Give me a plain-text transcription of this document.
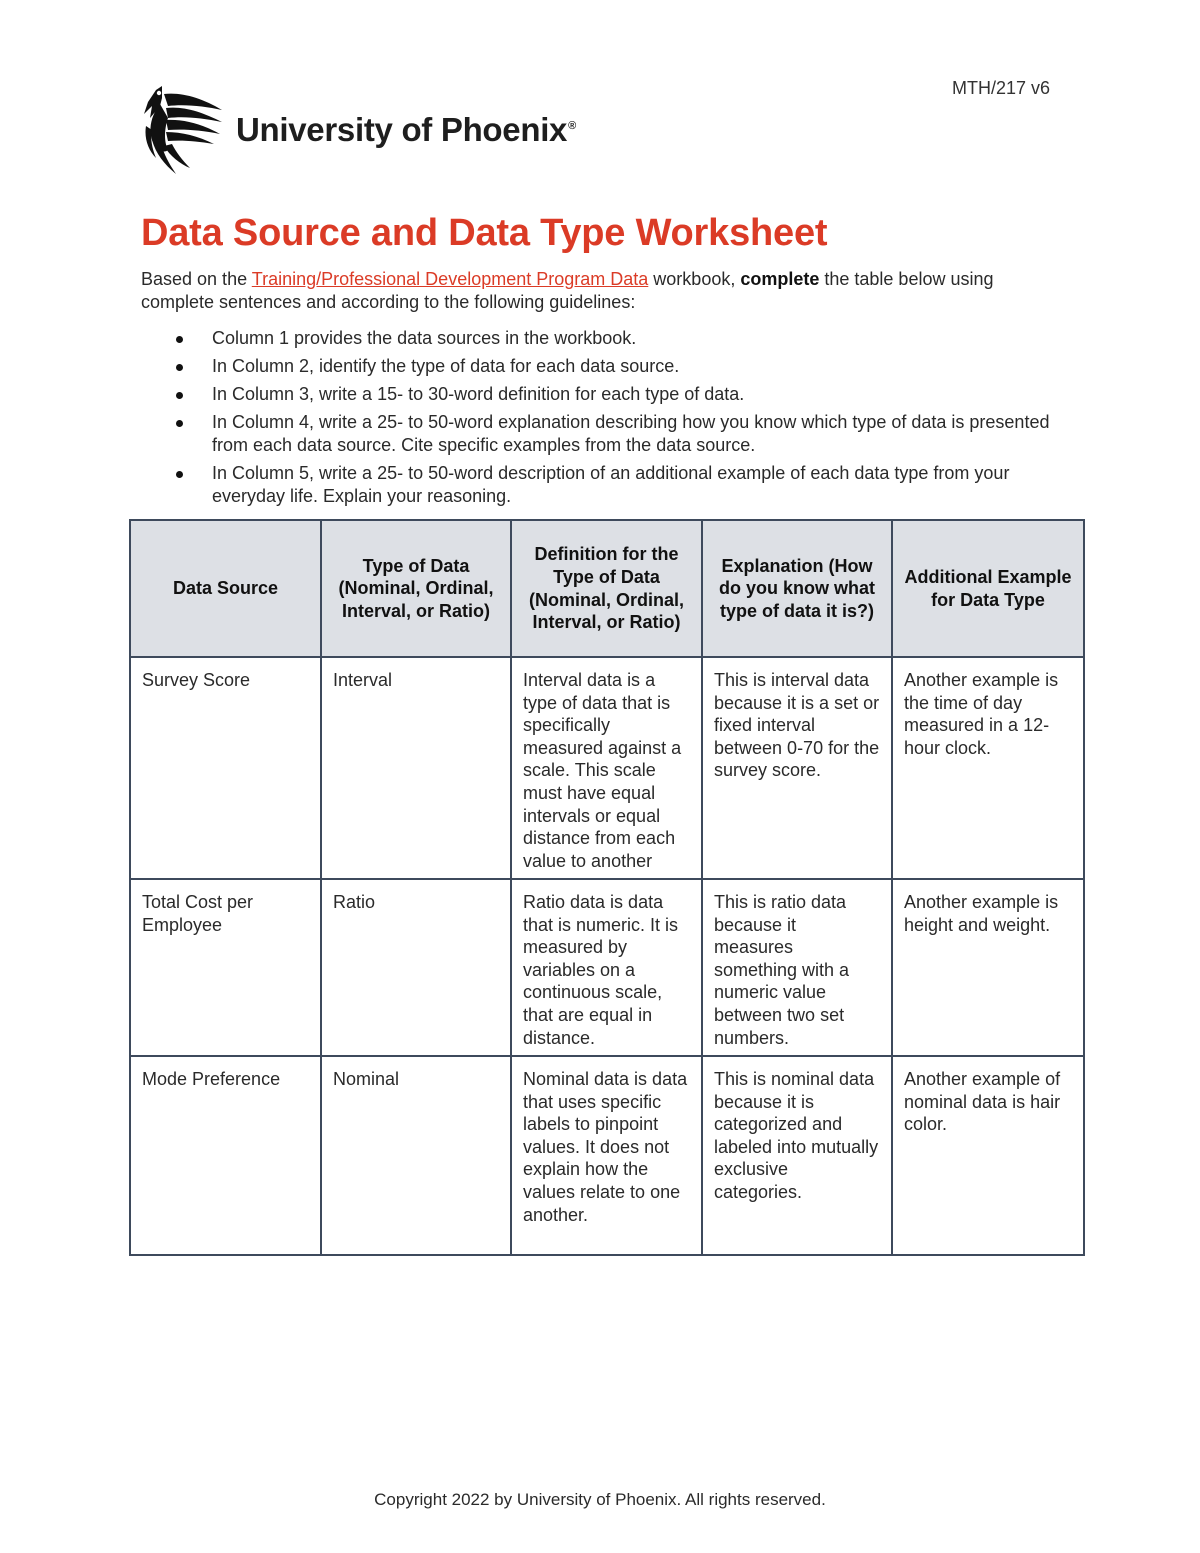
MTH/217 v6
University of Phoenix®
Data Source and Data Type Worksheet
Based on the Training/Professional Development Program Data workbook, complete the table below using complete sentences and according to the following guidelines:
Column 1 provides the data sources in the workbook.
In Column 2, identify the type of data for each data source.
In Column 3, write a 15- to 30-word definition for each type of data.
In Column 4, write a 25- to 50-word explanation describing how you know which type of data is presented from each data source. Cite specific examples from the data source.
In Column 5, write a 25- to 50-word description of an additional example of each data type from your everyday life. Explain your reasoning.
Data Source	Type of Data (Nominal, Ordinal, Interval, or Ratio)	Definition for the Type of Data (Nominal, Ordinal, Interval, or Ratio)	Explanation (How do you know what type of data it is?)	Additional Example for Data Type
Survey Score	Interval	Interval data is a type of data that is specifically measured against a scale. This scale must have equal intervals or equal distance from each value to another	This is interval data because it is a set or fixed interval between 0-70 for the survey score.	Another example is the time of day measured in a 12-hour clock.
Total Cost per Employee	Ratio	Ratio data is data that is numeric. It is measured by variables on a continuous scale, that are equal in distance.	This is ratio data because it measures something with a numeric value between two set numbers.	Another example is height and weight.
Mode Preference	Nominal	Nominal data is data that uses specific labels to pinpoint values. It does not explain how the values relate to one another.	This is nominal data because it is categorized and labeled into mutually exclusive categories.	Another example of nominal data is hair color.
Copyright 2022 by University of Phoenix. All rights reserved.
